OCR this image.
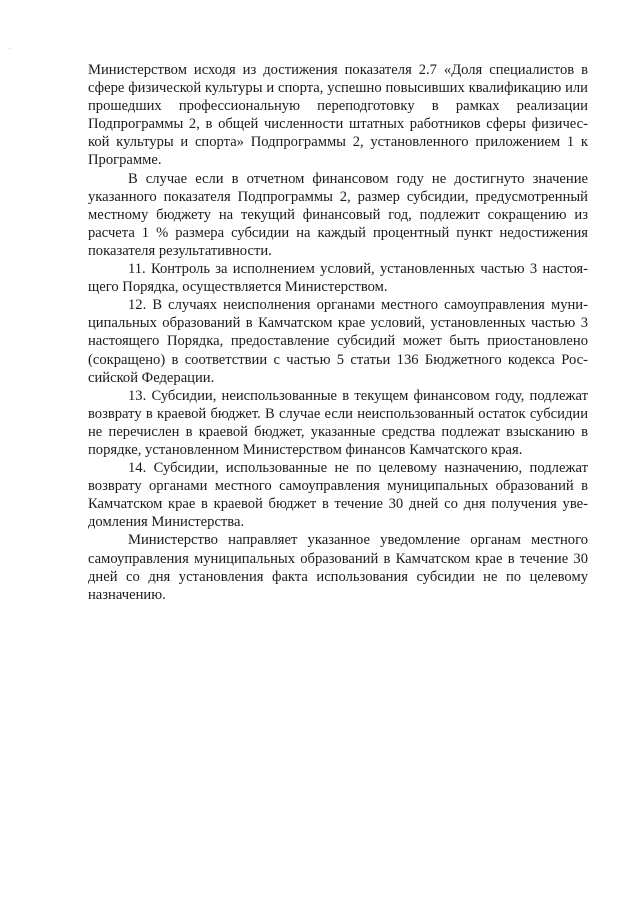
Министерством исходя из достижения показателя 2.7 «Доля специалистов в сфере физической культуры и спорта, успешно повысивших квалификацию или прошедших профессиональную переподготовку в рамках реализации Подпрограммы 2, в общей численности штатных работников сферы физической культуры и спорта» Подпрограммы 2, установленного приложением 1 к Программе.

В случае если в отчетном финансовом году не достигнуто значение указанного показателя Подпрограммы 2, размер субсидии, предусмотренный местному бюджету на текущий финансовый год, подлежит сокращению из расчета 1 % размера субсидии на каждый процентный пункт недостижения показателя результативности.

11. Контроль за исполнением условий, установленных частью 3 настоящего Порядка, осуществляется Министерством.

12. В случаях неисполнения органами местного самоуправления муниципальных образований в Камчатском крае условий, установленных частью 3 настоящего Порядка, предоставление субсидий может быть приостановлено (сокращено) в соответствии с частью 5 статьи 136 Бюджетного кодекса Российской Федерации.

13. Субсидии, неиспользованные в текущем финансовом году, подлежат возврату в краевой бюджет. В случае если неиспользованный остаток субсидии не перечислен в краевой бюджет, указанные средства подлежат взысканию в порядке, установленном Министерством финансов Камчатского края.

14. Субсидии, использованные не по целевому назначению, подлежат возврату органами местного самоуправления муниципальных образований в Камчатском крае в краевой бюджет в течение 30 дней со дня получения уведомления Министерства.

Министерство направляет указанное уведомление органам местного самоуправления муниципальных образований в Камчатском крае в течение 30 дней со дня установления факта использования субсидии не по целевому назначению.
